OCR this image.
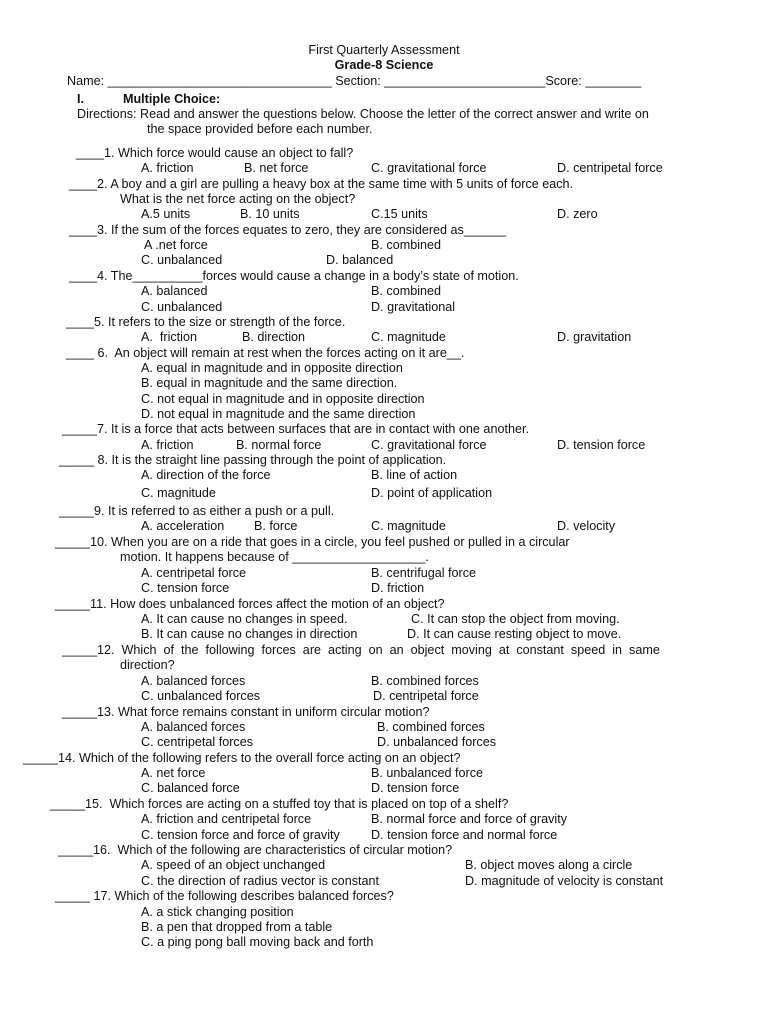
First Quarterly Assessment
Grade-8 Science
Name: ________________________________ Section: _______________________Score: ________
I.	Multiple Choice:
Directions: Read and answer the questions below. Choose the letter of the correct answer and write on
the space provided before each number.
____1. Which force would cause an object to fall?
A. friction	B. net force	C. gravitational force	D. centripetal force
____2. A boy and a girl are pulling a heavy box at the same time with 5 units of force each.
What is the net force acting on the object?
A.5 units	B. 10 units	C.15 units	D. zero
____3. If the sum of the forces equates to zero, they are considered as______
A .net force	B. combined
C. unbalanced	D. balanced
____4. The__________forces would cause a change in a body’s state of motion.
A. balanced	B. combined
C. unbalanced	D. gravitational
____5. It refers to the size or strength of the force.
A.  friction	B. direction	C. magnitude	D. gravitation
____ 6.  An object will remain at rest when the forces acting on it are__.
A. equal in magnitude and in opposite direction
B. equal in magnitude and the same direction.
C. not equal in magnitude and in opposite direction
D. not equal in magnitude and the same direction
_____7. It is a force that acts between surfaces that are in contact with one another.
A. friction	B. normal force	C. gravitational force	D. tension force
_____ 8. It is the straight line passing through the point of application.
A. direction of the force	B. line of action
C. magnitude	D. point of application
_____9. It is referred to as either a push or a pull.
A. acceleration B. force	C. magnitude	D. velocity
_____10. When you are on a ride that goes in a circle, you feel pushed or pulled in a circular
motion. It happens because of ___________________.
A. centripetal force	B. centrifugal force
C. tension force	D. friction
_____11. How does unbalanced forces affect the motion of an object?
A. It can cause no changes in speed.	C. It can stop the object from moving.
B. It can cause no changes in direction	D. It can cause resting object to move.
_____12.  Which  of  the  following  forces  are  acting  on  an  object  moving  at  constant  speed  in  same
direction?
A. balanced forces	B. combined forces
C. unbalanced forces	D. centripetal force
_____13. What force remains constant in uniform circular motion?
A. balanced forces	B. combined forces
C. centripetal forces	D. unbalanced forces
_____14. Which of the following refers to the overall force acting on an object?
A. net force	B. unbalanced force
C. balanced force	D. tension force
_____15.  Which forces are acting on a stuffed toy that is placed on top of a shelf?
A. friction and centripetal force	B. normal force and force of gravity
C. tension force and force of gravity D. tension force and normal force
_____16.  Which of the following are characteristics of circular motion?
A. speed of an object unchanged	B. object moves along a circle
C. the direction of radius vector is constant	D. magnitude of velocity is constant
_____ 17. Which of the following describes balanced forces?
A. a stick changing position
B. a pen that dropped from a table
C. a ping pong ball moving back and forth
